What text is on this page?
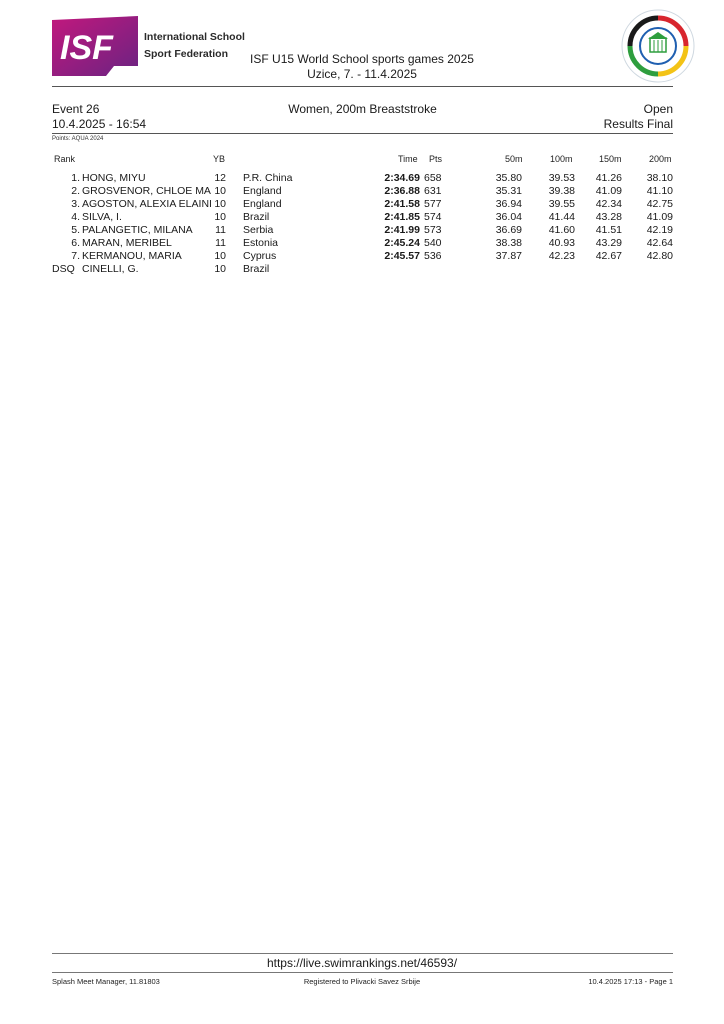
ISF	International School
Sport Federation	ISF U15 World School sports games 2025
Uzice, 7. - 11.4.2025
Event 26	Women, 200m Breaststroke	Open
10.4.2025 - 16:54	Results Final
Points: AQUA 2024
Rank	YB	Time Pts	50m	100m	150m	200m
1. HONG, MIYU	12 P.R. China	2:34.69 658	35.80	39.53	41.26	38.10
2. GROSVENOR, CHLOE MA 10 England	2:36.88 631	35.31	39.38	41.09	41.10
3. AGOSTON, ALEXIA ELAINI 10 England	2:41.58 577	36.94	39.55	42.34	42.75
4. SILVA, I.	10 Brazil	2:41.85 574	36.04	41.44	43.28	41.09
5. PALANGETIC, MILANA	11 Serbia	2:41.99 573	36.69	41.60	41.51	42.19
6. MARAN, MERIBEL	11 Estonia	2:45.24 540	38.38	40.93	43.29	42.64
7. KERMANOU, MARIA	10 Cyprus	2:45.57 536	37.87	42.23	42.67	42.80
DSQ CINELLI, G.	10 Brazil
https://live.swimrankings.net/46593/
Splash Meet Manager, 11.81803	Registered to Plivacki Savez Srbije	10.4.2025 17:13 - Page 1
